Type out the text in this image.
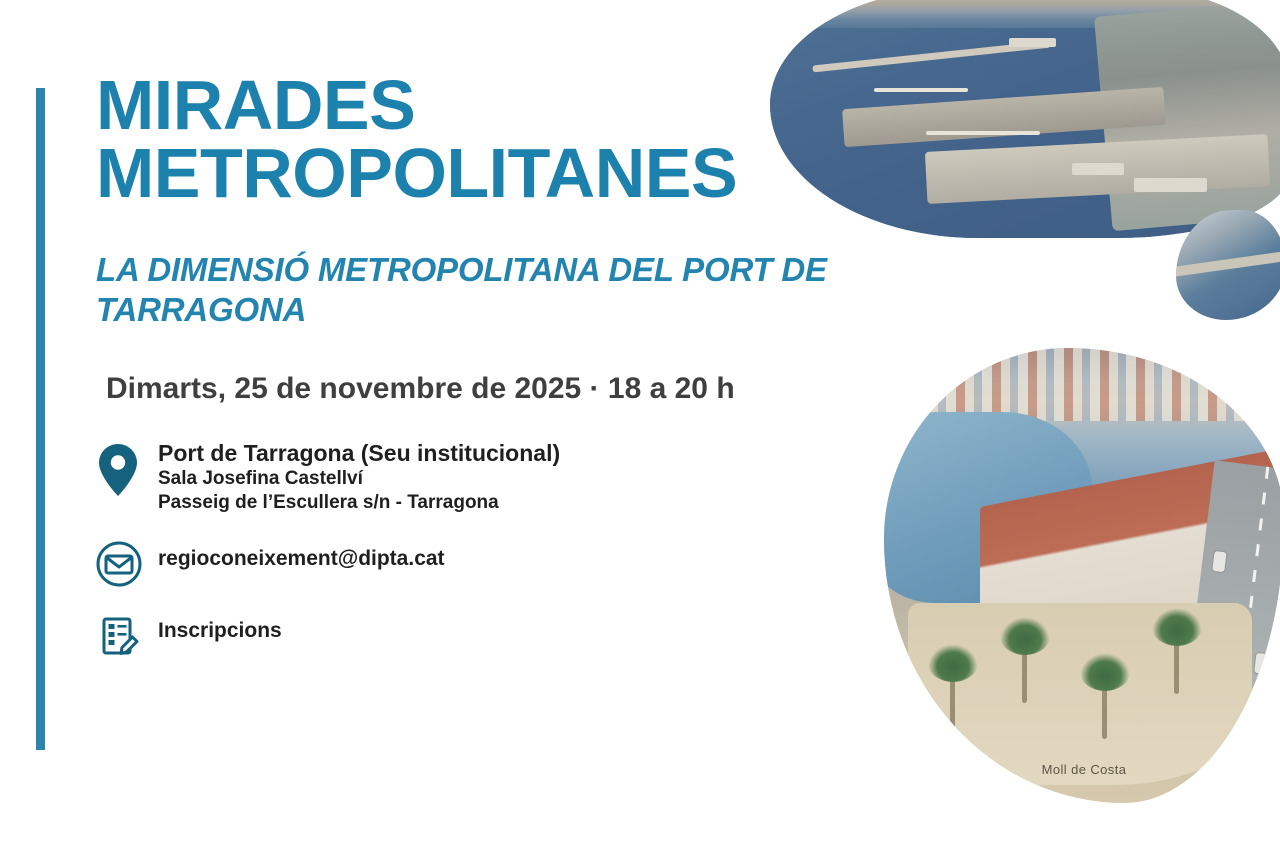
Moll de Costa
MIRADES
METROPOLITANES
LA DIMENSIÓ METROPOLITANA DEL PORT DE TARRAGONA
Dimarts, 25 de novembre de 2025 · 18 a 20 h
Port de Tarragona (Seu institucional)
Sala Josefina Castellví
Passeig de l’Escullera s/n - Tarragona
regioconeixement@dipta.cat
Inscripcions
